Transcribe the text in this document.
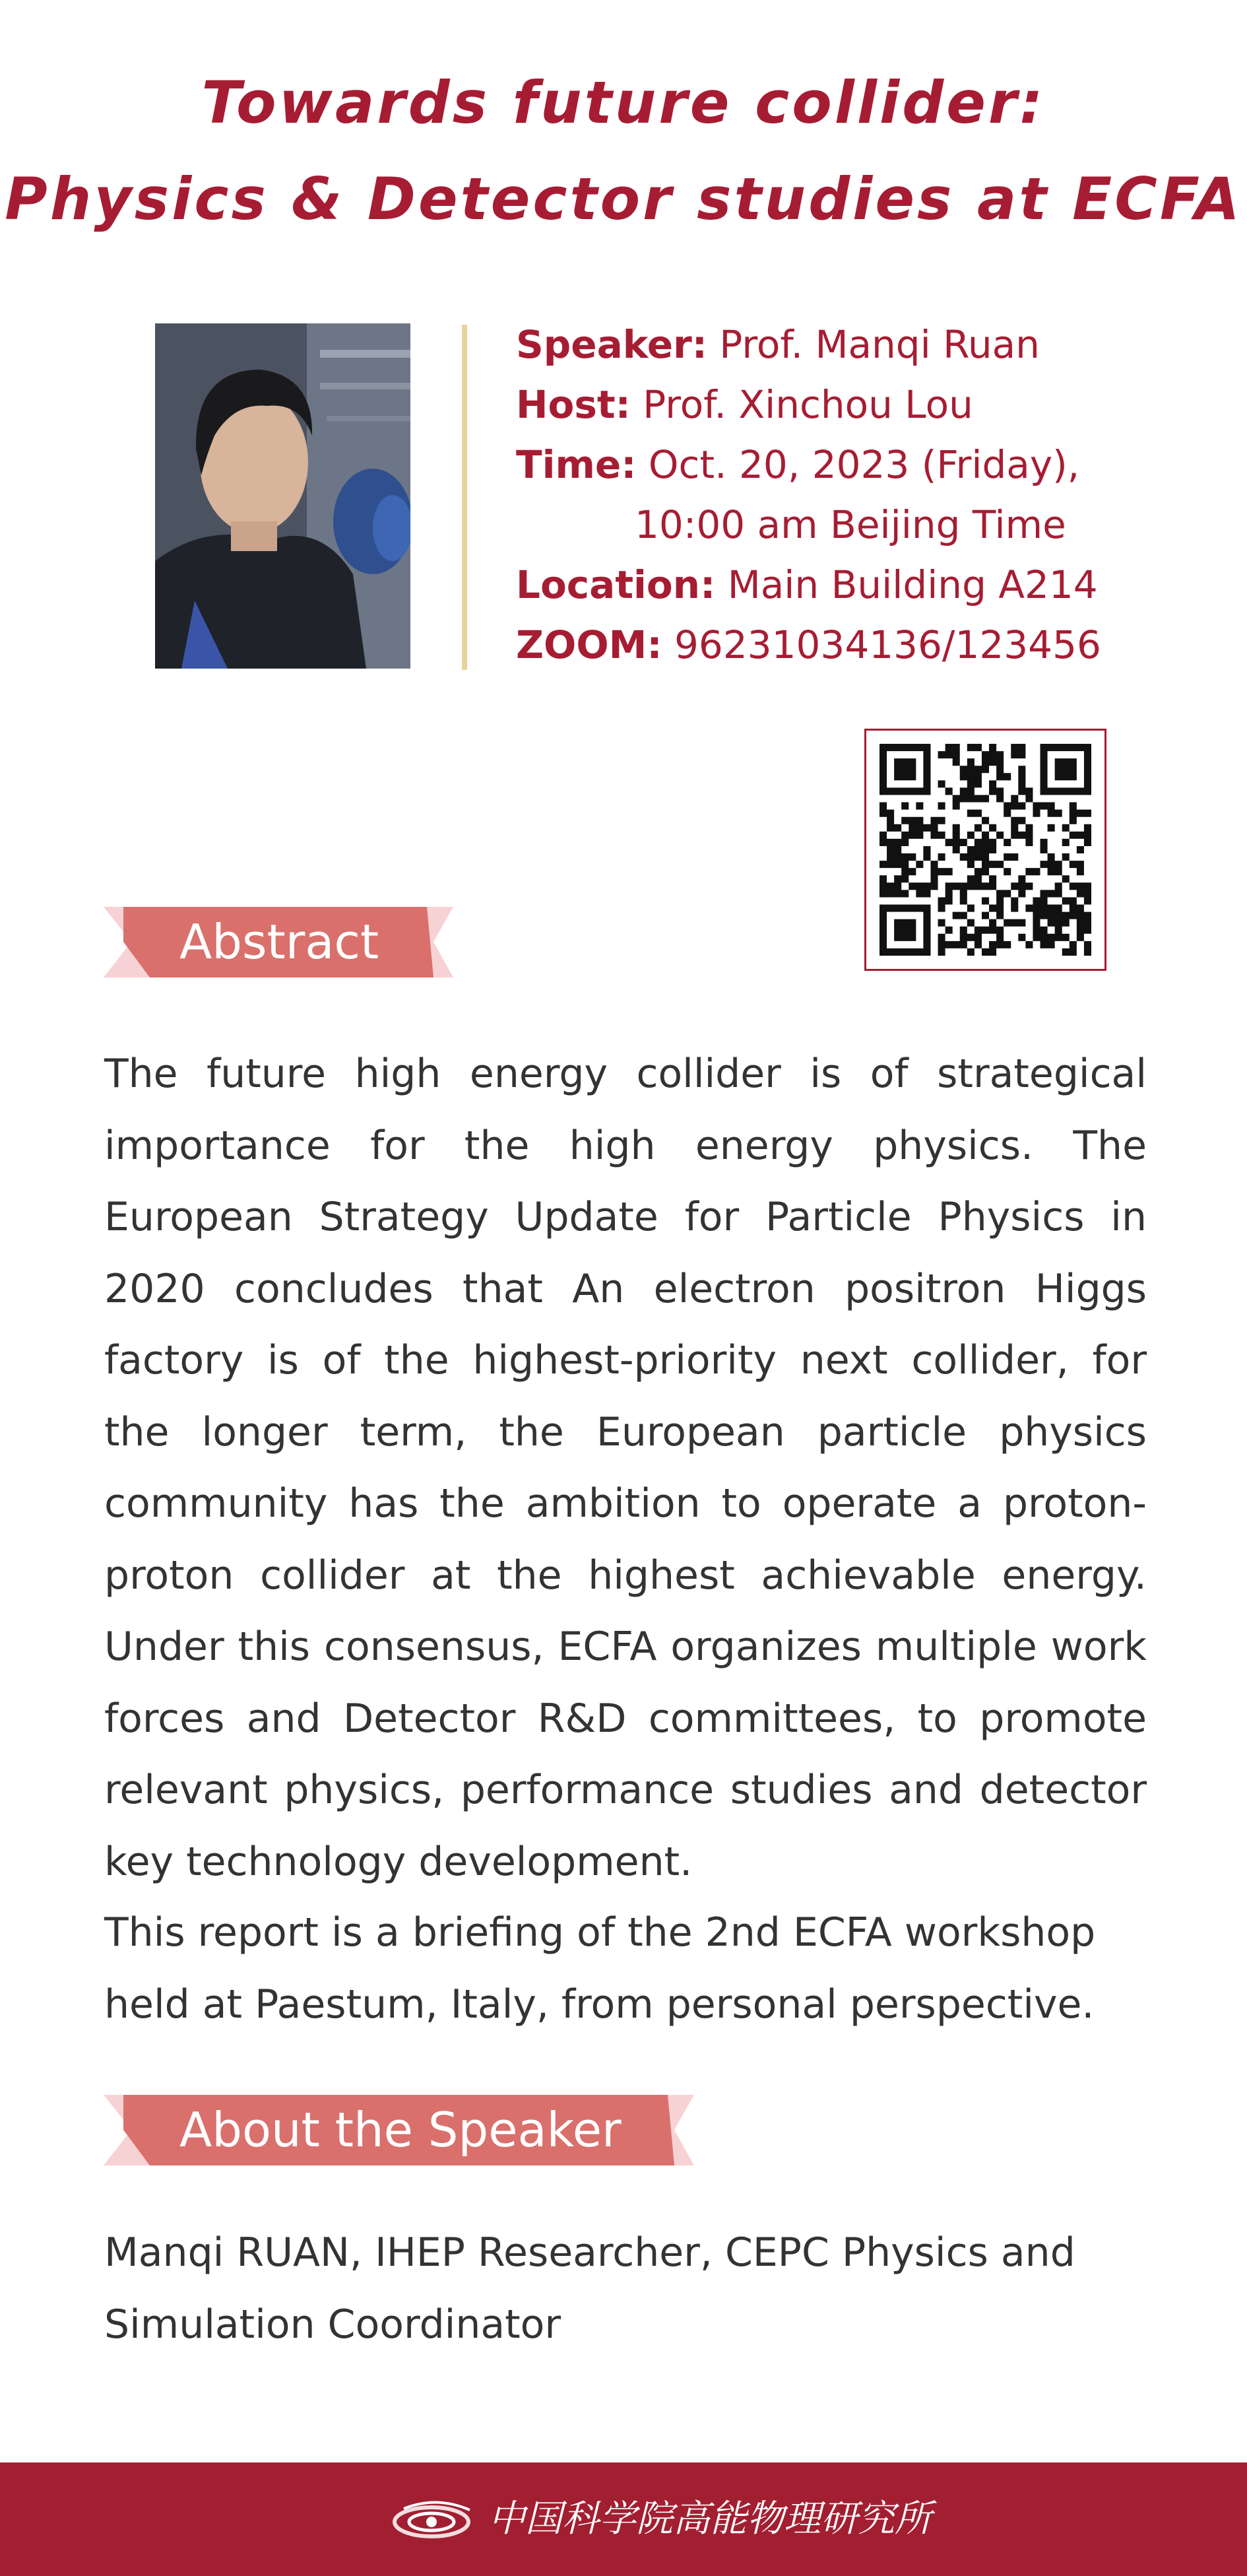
Towards future collider:
Physics & Detector studies at ECFA
Speaker: Prof. Manqi Ruan
Host: Prof. Xinchou Lou
Time: Oct. 20, 2023 (Friday),
10:00 am Beijing Time
Location: Main Building A214
ZOOM: 96231034136/123456
Abstract
The future high energy collider is of strategical importance for the high energy physics. The European Strategy Update for Particle Physics in 2020 concludes that An electron positron Higgs factory is of the highest-priority next collider, for the longer term, the European particle physics community has the ambition to operate a proton-proton collider at the highest achievable energy. Under this consensus, ECFA organizes multiple work forces and Detector R&D committees, to promote relevant physics, performance studies and detector key technology development.
This report is a briefing of the 2nd ECFA workshop held at Paestum, Italy, from personal perspective.
About the Speaker
Manqi RUAN, IHEP Researcher, CEPC Physics and Simulation Coordinator
中国科学院高能物理研究所
